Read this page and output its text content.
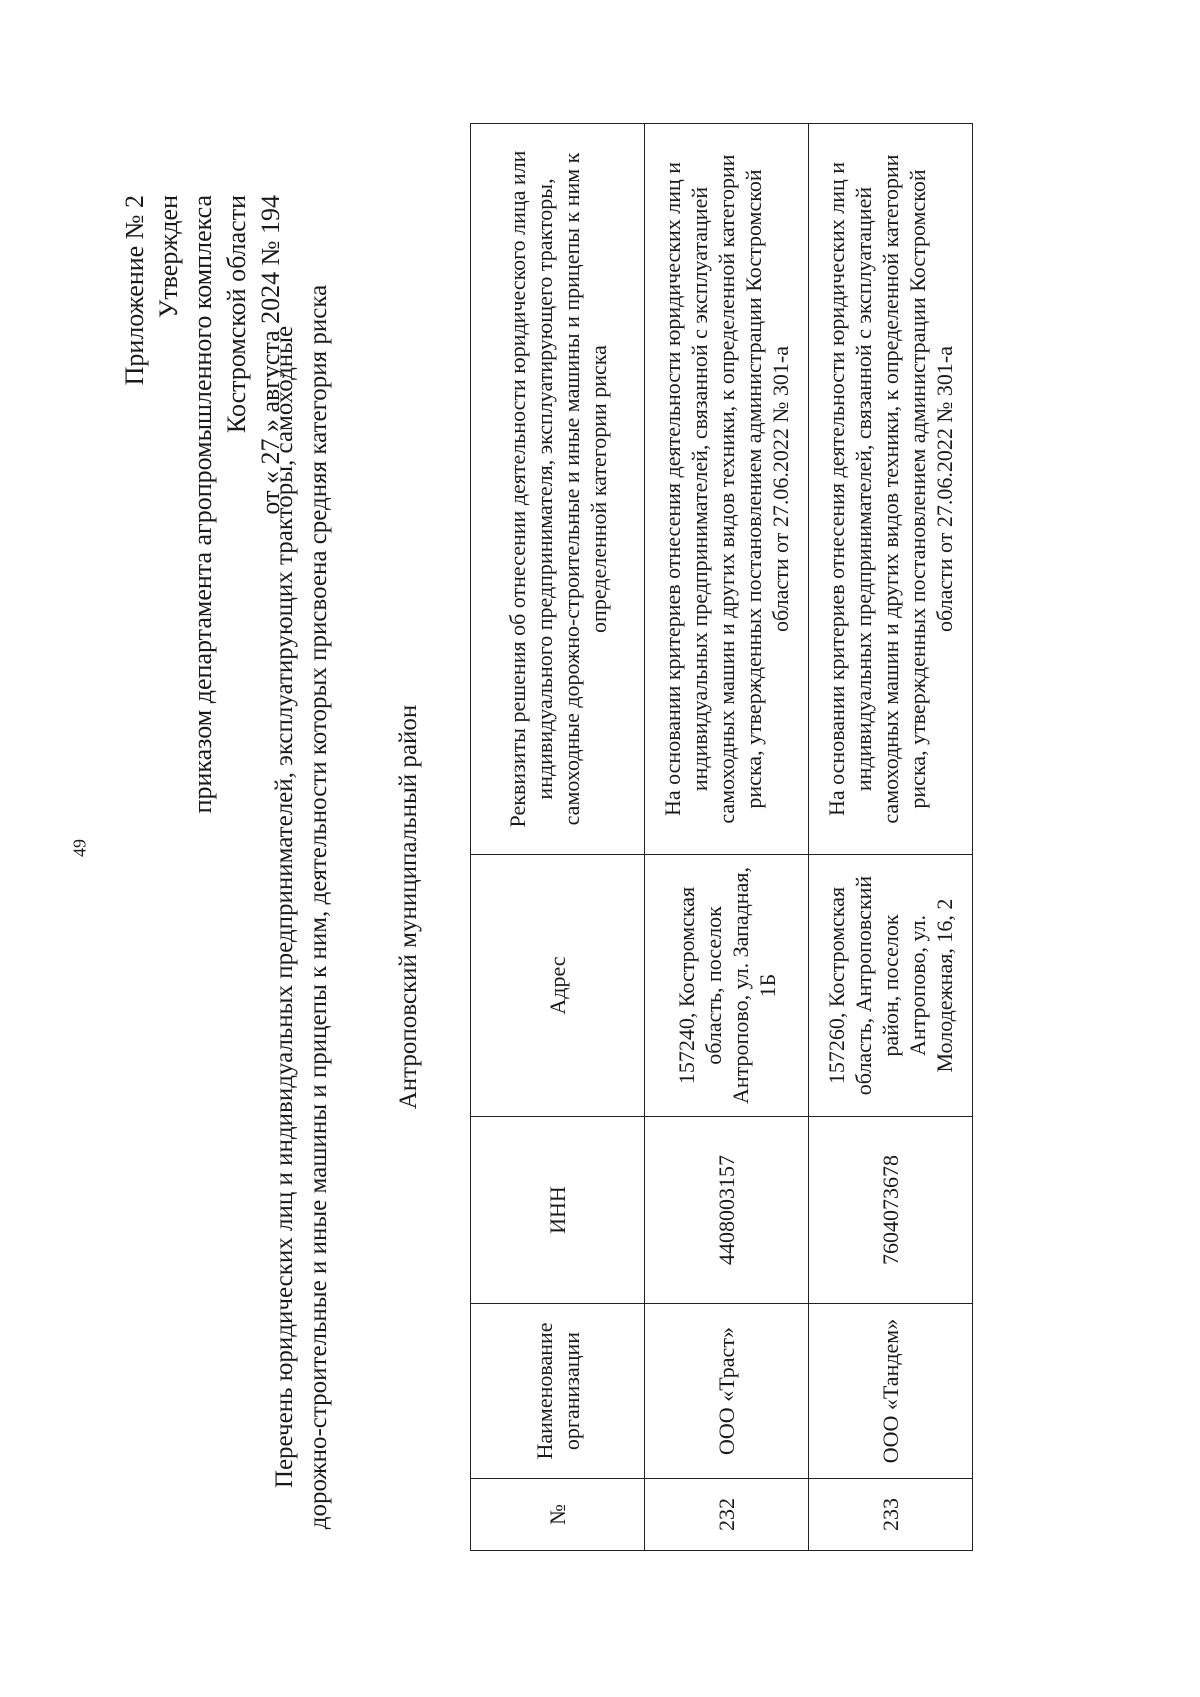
49
Приложение № 2 Утвержден приказом департамента агропромышленного комплекса Костромской области от « 27 » августа 2024 № 194
Перечень юридических лиц и индивидуальных предпринимателей, эксплуатирующих тракторы, самоходные дорожно-строительные и иные машины и прицепы к ним, деятельности которых присвоена средняя категория риска	Антроповский муниципальный район
№	Наименование организации	ИНН	Адрес	Реквизиты решения об отнесении деятельности юридического лица или индивидуального предпринимателя, эксплуатирующего тракторы, самоходные дорожно-строительные и иные машины и прицепы к ним к определенной категории риска
232	ООО «Траст»	4408003157	157240, Костромская область, поселок Антропово, ул. Западная, 1Б	На основании критериев отнесения деятельности юридических лиц и индивидуальных предпринимателей, связанной с эксплуатацией самоходных машин и других видов техники, к определенной категории риска, утвержденных постановлением администрации Костромской области от 27.06.2022 № 301-а
233	ООО «Тандем»	7604073678	157260, Костромская область, Антроповский район, поселок Антропово, ул. Молодежная, 16, 2	На основании критериев отнесения деятельности юридических лиц и индивидуальных предпринимателей, связанной с эксплуатацией самоходных машин и других видов техники, к определенной категории риска, утвержденных постановлением администрации Костромской области от 27.06.2022 № 301-а
